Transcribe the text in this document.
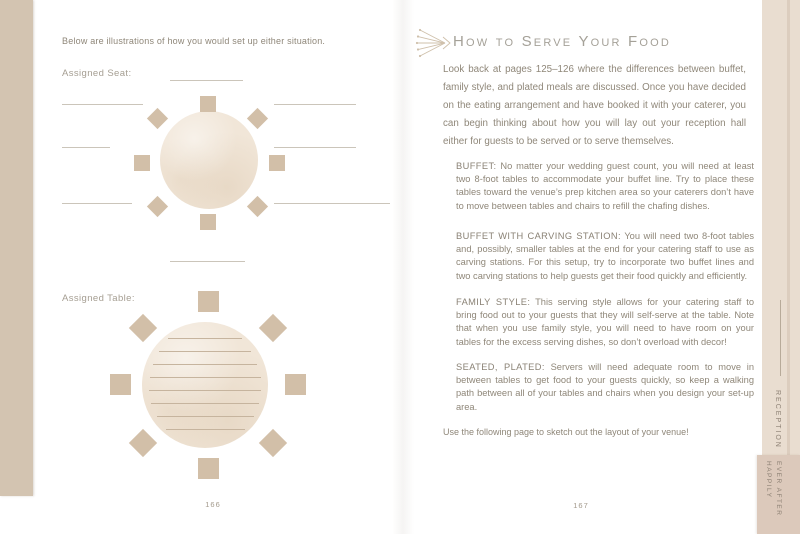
RECEPTION
HAPPILY EVER AFTER
Below are illustrations of how you would set up either situation.
Assigned Seat:
Assigned Table:
166
How to Serve Your Food

Look back at pages 125–126 where the differences between buffet, family style, and plated meals are discussed. Once you have decided on the eating arrangement and have booked it with your caterer, you can begin thinking about how you will lay out your reception hall either for guests to be served or to serve themselves.

BUFFET: No matter your wedding guest count, you will need at least two 8-foot tables to accommodate your buffet line. Try to place these tables toward the venue’s prep kitchen area so your caterers don’t have to move between tables and chairs to refill the chafing dishes.

BUFFET WITH CARVING STATION: You will need two 8-foot tables and, possibly, smaller tables at the end for your catering staff to use as carving stations. For this setup, try to incorporate two buffet lines and two carving stations to help guests get their food quickly and efficiently.

FAMILY STYLE: This serving style allows for your catering staff to bring food out to your guests that they will self-serve at the table. Note that when you use family style, you will need to have room on your tables for the excess serving dishes, so don’t overload with decor!

SEATED, PLATED: Servers will need adequate room to move in between tables to get food to your guests quickly, so keep a walking path between all of your tables and chairs when you design your set-up area.

Use the following page to sketch out the layout of your venue!
167
